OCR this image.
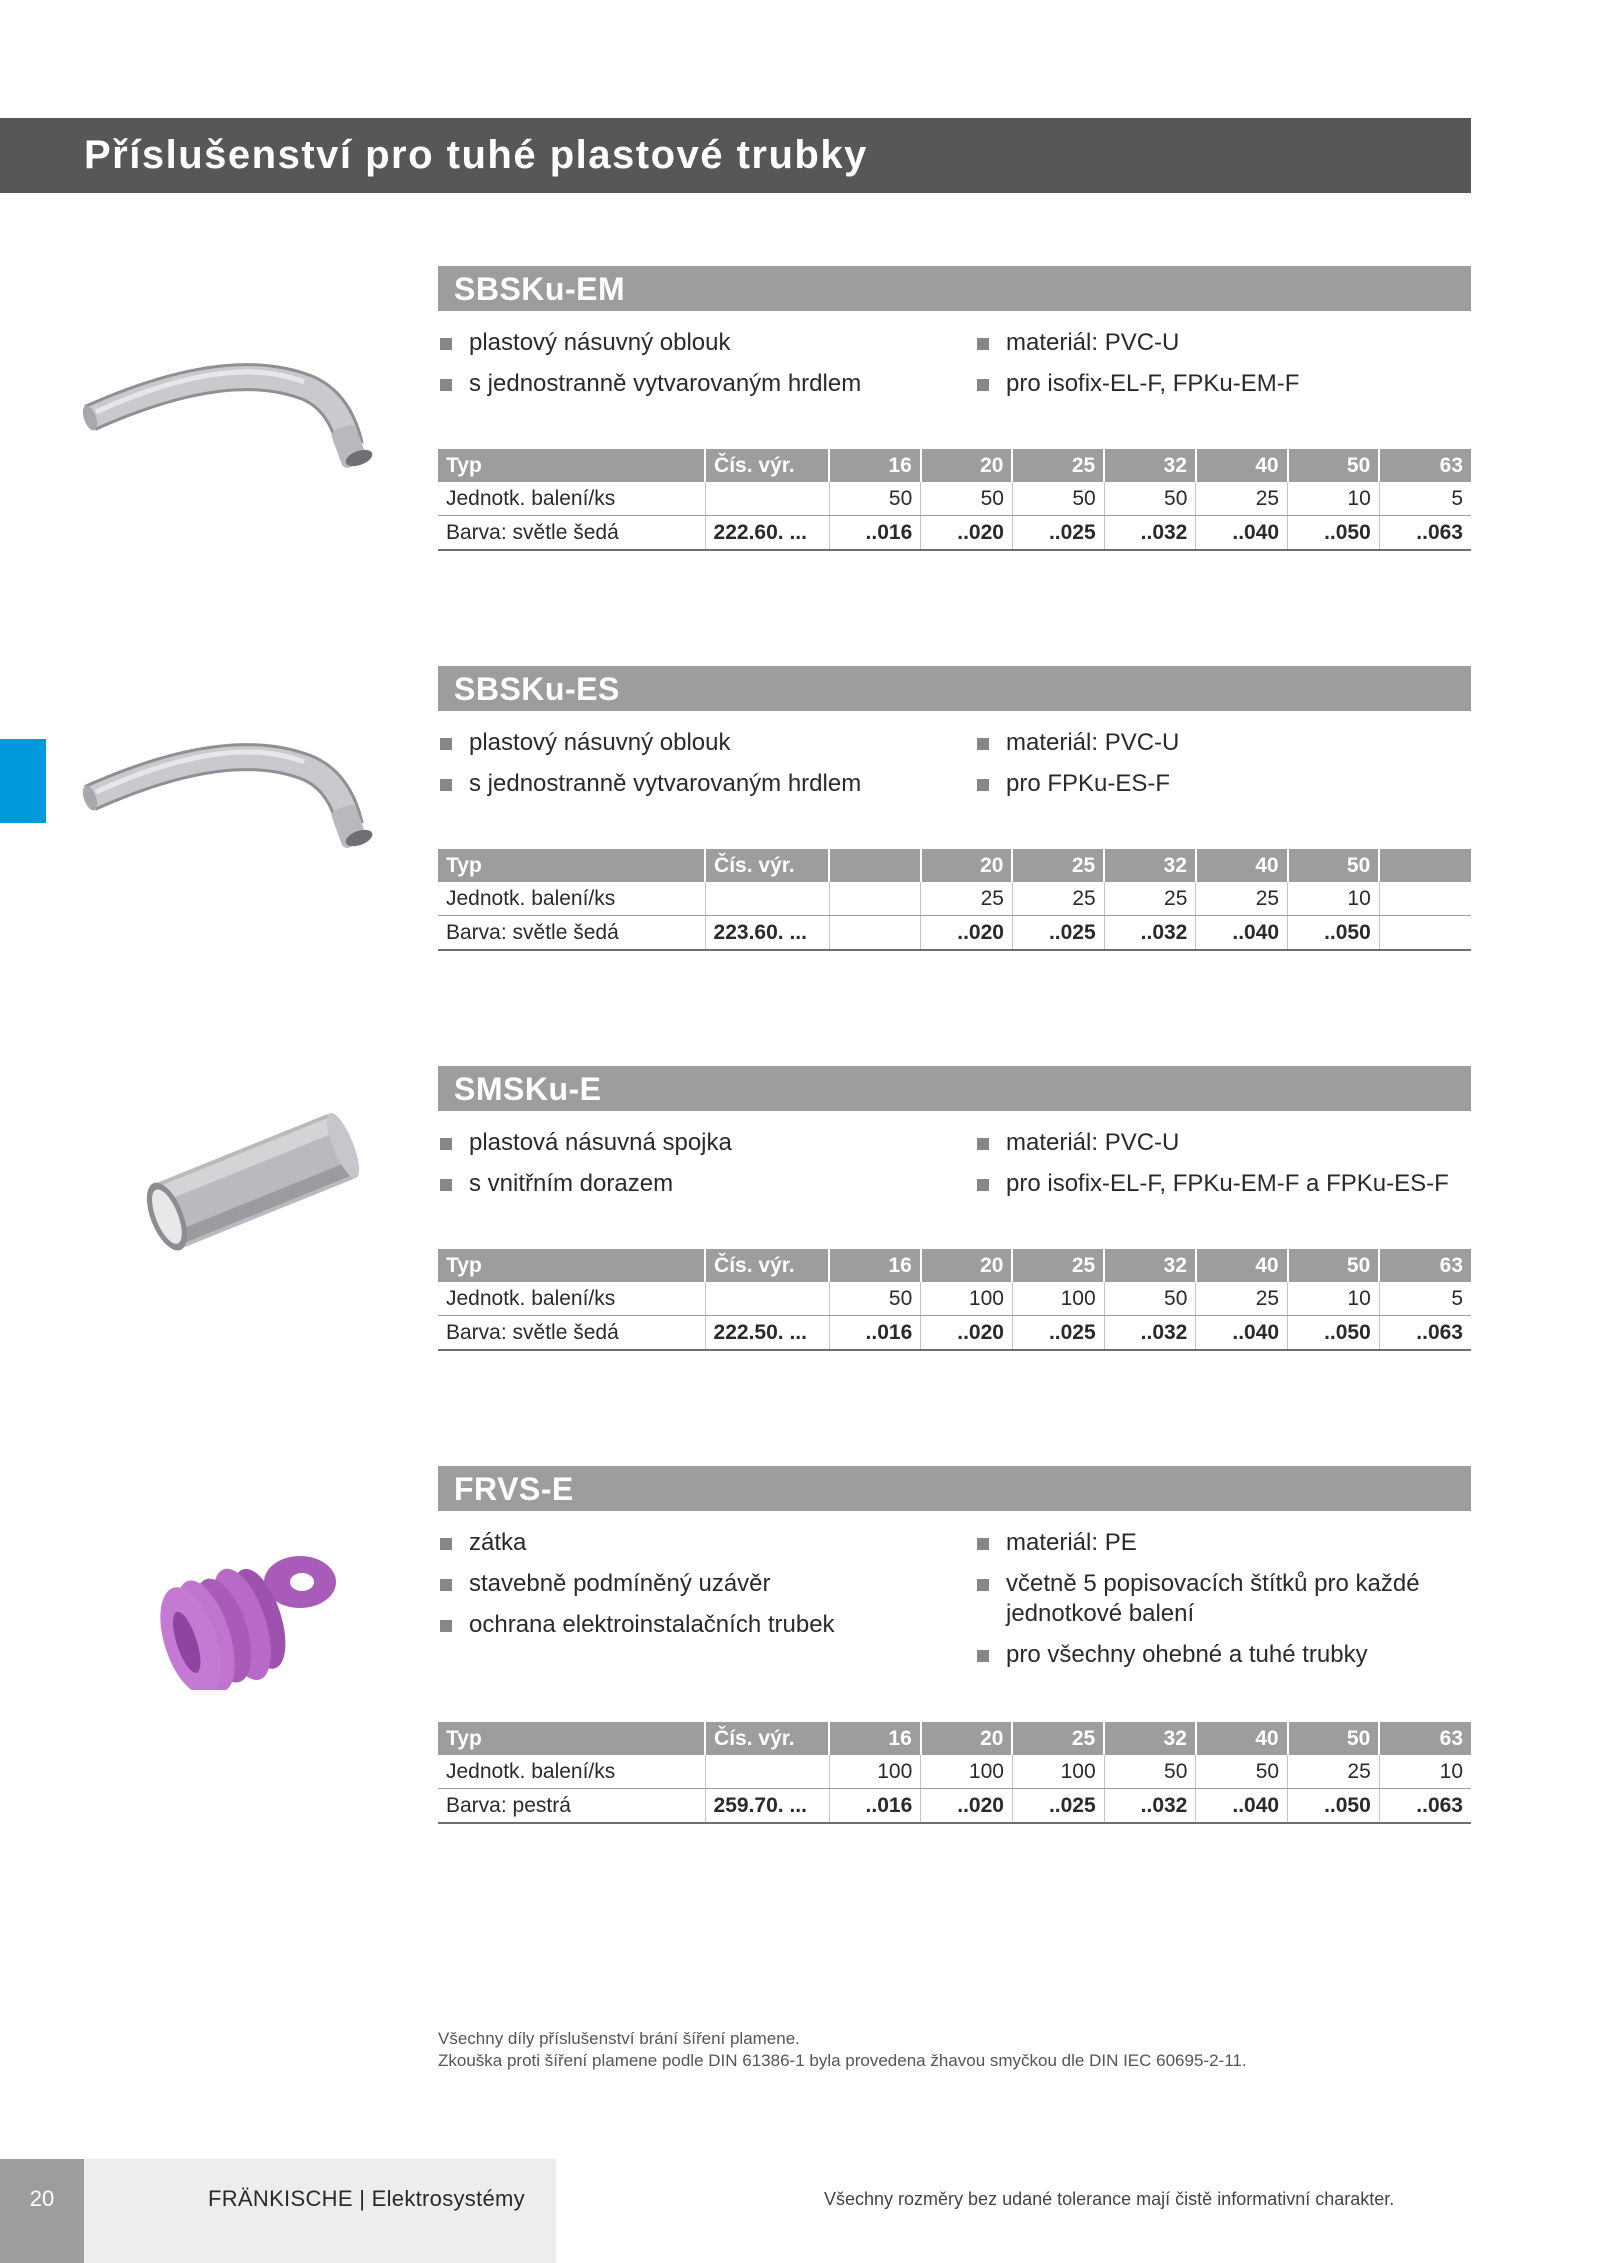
Příslušenství pro tuhé plastové trubky
SBSKu-EM
plastový násuvný oblouk
s jednostranně vytvarovaným hrdlem
materiál: PVC-U
pro isofix-EL-F, FPKu-EM-F
Typ	Čís. výr.	16	20	25	32	40	50	63
Jednotk. balení/ks		50	50	50	50	25	10	5
Barva: světle šedá	222.60. ...	..016	..020	..025	..032	..040	..050	..063
SBSKu-ES
plastový násuvný oblouk
s jednostranně vytvarovaným hrdlem
materiál: PVC-U
pro FPKu-ES-F
Typ	Čís. výr.		20	25	32	40	50	
Jednotk. balení/ks			25	25	25	25	10	
Barva: světle šedá	223.60. ...		..020	..025	..032	..040	..050	
SMSKu-E
plastová násuvná spojka
s vnitřním dorazem
materiál: PVC-U
pro isofix-EL-F, FPKu-EM-F a FPKu-ES-F
Typ	Čís. výr.	16	20	25	32	40	50	63
Jednotk. balení/ks		50	100	100	50	25	10	5
Barva: světle šedá	222.50. ...	..016	..020	..025	..032	..040	..050	..063
FRVS-E
zátka
stavebně podmíněný uzávěr
ochrana elektroinstalačních trubek
materiál: PE
včetně 5 popisovacích štítků pro každé jednotkové balení
pro všechny ohebné a tuhé trubky
Typ	Čís. výr.	16	20	25	32	40	50	63
Jednotk. balení/ks		100	100	100	50	50	25	10
Barva: pestrá	259.70. ...	..016	..020	..025	..032	..040	..050	..063
Všechny díly příslušenství brání šíření plamene.
Zkouška proti šíření plamene podle DIN 61386-1 byla provedena žhavou smyčkou dle DIN IEC 60695-2-11.
20	FRÄNKISCHE | Elektrosystémy	Všechny rozměry bez udané tolerance mají čistě informativní charakter.
